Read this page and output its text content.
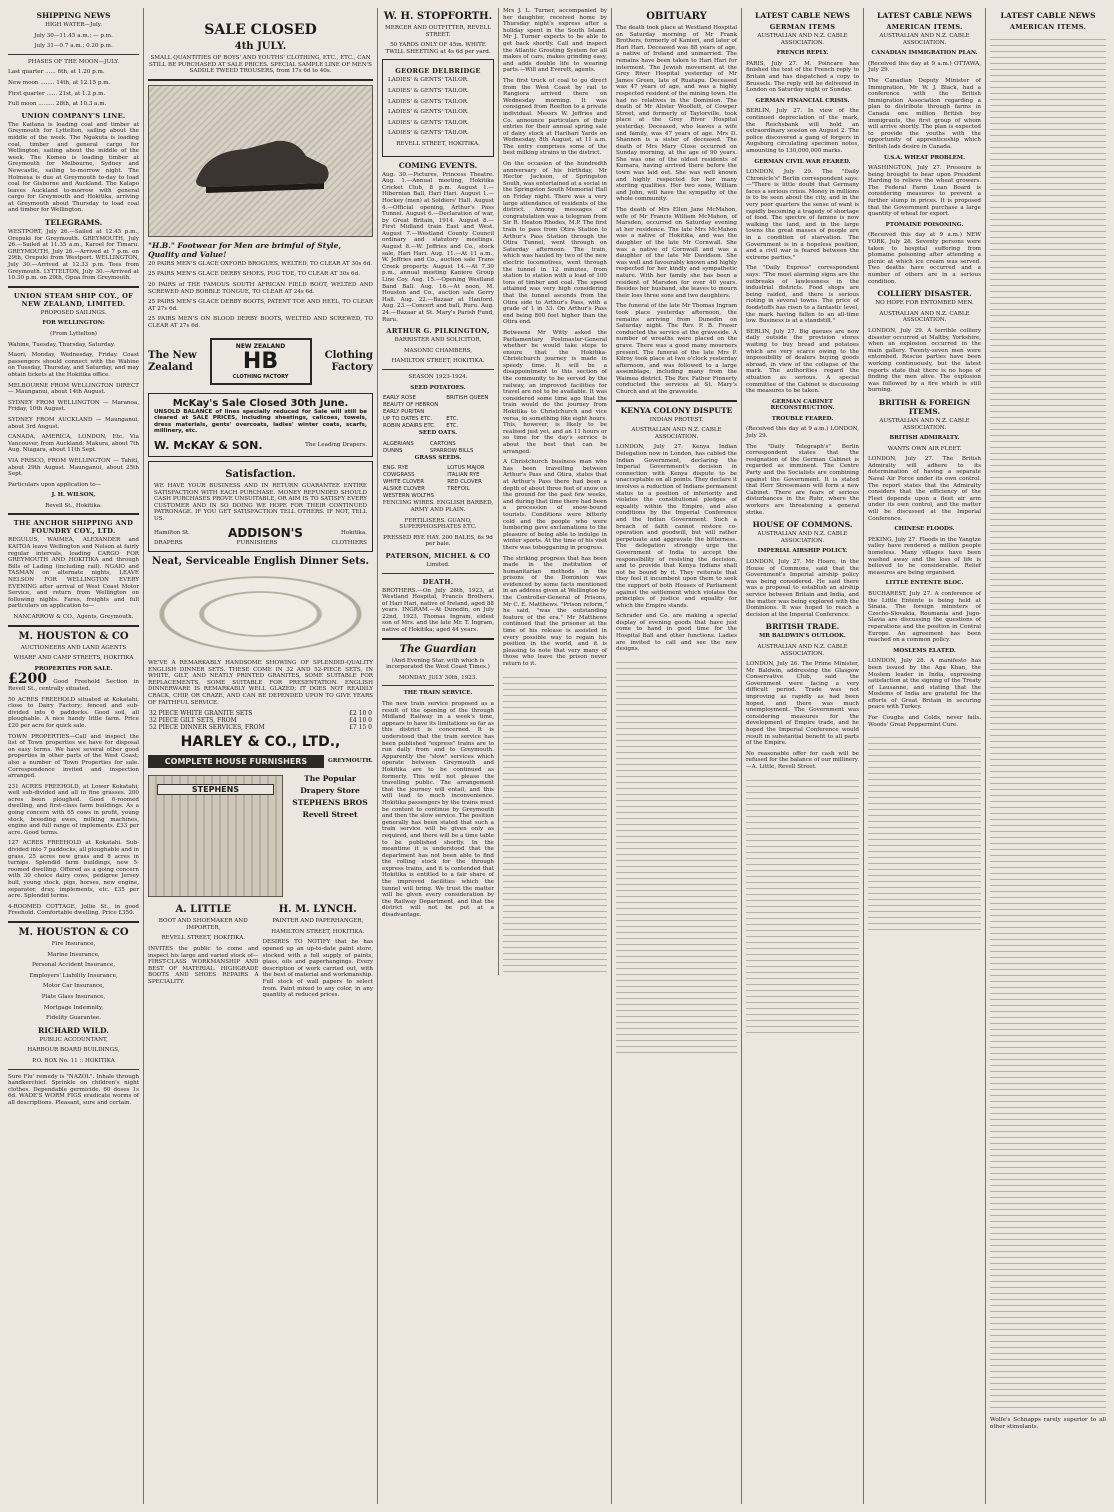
SHIPPING NEWS

HIGH WATER—July.

July 30—11.45 a.m.; — p.m.

July 31—0.7 a.m.; 0.20 p.m.

PHASES OF THE MOON—JULY.

Last quarter ...... 6th, at 1.20 p.m.

New moon ........ 14th, at 12.15 p.m.

First quarter ...... 21st, at 1.2 p.m.

Full moon ......... 28th, at 10.3 a.m.

UNION COMPANY'S LINE.

The Kaitana is loading coal and timber at Greymouth for Lyttelton, sailing about the middle of the week. The Ngakuta is loading coal, timber and general cargo for Wellington, sailing about the middle of the week. The Komeo is loading timber at Greymouth for Melbourne, Sydney and Newcastle, sailing to-morrow night. The Holmesa is due at Greymouth to-day to load coal for Gisborne and Auckland. The Kalapo leaves Auckland to-morrow with general cargo for Greymouth and Hokitika, arriving at Greymouth about Thursday to load coal and timber for Wellington.

TELEGRAMS.

WESTPORT, July 26.—Sailed at 12.45 p.m., Orepuki for Greymouth. GREYMOUTH, July 26.—Sailed at 11.35 a.m., Karoel for Timaru. GREYMOUTH, July 26.—Arrived at 7 p.m. on 29th, Orepuki from Westport. WELLINGTON, July 30.—Arrived at 12.33 p.m. Tees from Greymouth. LYTTELTON, July 30.—Arrived at 10.30 p.m. on 29th, Opua from Greymouth.

UNION STEAM SHIP COY., OF NEW ZEALAND, LIMITED.

PROPOSED SAILINGS.

FOR WELLINGTON:

(From Lyttelton)

Wahine, Tuesday, Thursday, Saturday.

Maori, Monday, Wednesday, Friday. Coast passengers should connect with the Wahine on Tuesday, Thursday, and Saturday, and may obtain tickets at the Hokitika office.

MELBOURNE FROM WELLINGTON DIRECT — Maunganui, about 14th August.

SYDNEY FROM WELLINGTON — Maranoa, Friday, 10th August.

SYDNEY FROM AUCKLAND — Maunganui, about 3rd August.

CANADA, AMERICA, LONDON, Etc. Via Vancouver, from Auckland: Makura, about 7th Aug. Niagara, about 11th Sept.

VIA FRISCO, FROM WELLINGTON — Tahiti, about 29th August. Maunganui, about 25th Sept.

Particulars upon application to—

J. H. WILSON,

Revell St., Hokitika.

THE ANCHOR SHIPPING AND FOUNDRY COY., LTD.

REGULUS, WAIMEA, ALEXANDER and KAITOA leave Wellington and Nelson at fairly regular intervals, loading CARGO FOR GREYMOUTH AND HOKITIKA and through Bills of Lading (including rail). NGAIO and TASMAN on alternate nights, LEAVE NELSON FOR WELLINGTON EVERY EVENING after arrival of West Coast Motor Service, and return from Wellington on following nights. Fares, freights and full particulars on application to—

NANCARROW & CO., Agents, Greymouth.

M. HOUSTON & CO

AUCTIONEERS AND LAND AGENTS

WHARF AND CAMP STREETS, HOKITIKA

PROPERTIES FOR SALE.

£200 Good Freehold Section in Revell St., centrally situated.

50 ACRES FREEHOLD situated at Kokatahi, close to Dairy Factory; fenced and sub-divided into 6 paddocks. Good soil, all ploughable. A nice handy little farm. Price £20 per acre for quick sale.

TOWN PROPERTIES—Call and inspect the list of Town properties we have for disposal on easy terms. We have several other good properties in other parts of the West Coast; also a number of Town Properties for sale. Correspondence invited and inspection arranged.

231 ACRES FREEHOLD, at Lower Kokatahi; well sub-divided and all in fine grasses. 200 acres been ploughed. Good 6-roomed dwelling, and first-class farm buildings. As a going concern with 65 cows in profit, young stock, breeding ewes, milking machines, engine and full range of implements. £33 per acre. Good terms.

127 ACRES FREEHOLD at Kokatahi. Sub-divided into 7 paddocks, all ploughable and in grass. 25 acres new grass and 8 acres in turnips. Splendid farm buildings, new 5-roomed dwelling. Offered as a going concern with 30 choice dairy cows, pedigree Jersey bull, young stock, pigs, horses, new engine, separator, dray, implements, etc. £35 per acre. Splendid terms.

4-ROOMED COTTAGE, Jollie St., in good Freehold. Comfortable dwelling. Price £350.

M. HOUSTON & CO

Fire Insurance,

Marine Insurance,

Personal Accident Insurance,

Employers' Liability Insurance,

Motor Car Insurance,

Plate Glass Insurance,

Mortgage Indemnity,

Fidelity Guarantee.

RICHARD WILD.

PUBLIC ACCOUNTANT,

HARBOUR BOARD BUILDINGS,

P.O. BOX No. 11 :: HOKITIKA

Sure Flu' remedy is "NAZOL". Inhale through handkerchief. Sprinkle on children's night clothes. Dependable germicide. 60 doses 1s 6d. WADE'S WORM FIGS eradicate worms of all descriptions. Pleasant, sure and certain.

SALE CLOSED
4th JULY.

SMALL QUANTITIES OF BOYS' AND YOUTHS' CLOTHING, ETC., ETC., CAN STILL BE PURCHASED AT SALE PRICES. SPECIAL SAMPLE LINE OF MEN'S SADDLE TWEED TROUSERS, from 17s 6d to 40s.

"H.B." Footwear for Men are brimful of Style, Quality and Value!

20 PAIRS MEN'S GLACE OXFORD BROGUES, WELTED, TO CLEAR AT 30s 6d.

25 PAIRS MEN'S GLACE DERBY SHOES, PUG TOE, TO CLEAR AT 30s 6d.

20 PAIRS of THE FAMOUS SOUTH AFRICAN FIELD BOOT, WELTED AND SCREWED AND BOBBLE TONGUE, TO CLEAR AT 24s 6d.

25 PAIRS MEN'S GLACE DERBY BOOTS, PATENT TOE AND HEEL, TO CLEAR AT 27s 6d.

25 PAIRS MEN'S ON BLOOD DERBY BOOTS, WELTED AND SCREWED, TO CLEAR AT 27s 6d.

The New Zealand
NEW ZEALAND
HB
CLOTHING FACTORY
Clothing Factory
McKay's Sale Closed 30th June.

UNSOLD BALANCE of lines specially reduced for Sale will still be cleared at SALE PRICES, including sheetings, calicoes, towels, dress materials, gents' overcoats, ladies' winter coats, scarfs, millinery, etc.

W. McKAY & SON.	The Leading Drapers.
Satisfaction.

WE HAVE YOUR BUSINESS AND IN RETURN GUARANTEE ENTIRE SATISFACTION WITH EACH PURCHASE. MONEY REFUNDED SHOULD CASH PURCHASES PROVE UNSUITABLE, OR AIM IS TO SATISFY EVERY CUSTOMER AND IN SO DOING WE HOPE FOR THEIR CONTINUED PATRONAGE. IF YOU GET SATISFACTION TELL OTHERS. IF NOT, TELL US.

Hamilton St.	ADDISON'S	Hokitika.
DRAPERS	FURNISHERS	CLOTHIERS
Neat, Serviceable English Dinner Sets.

WE'VE A REMARKABLY HANDSOME SHOWING OF SPLENDID-QUALITY ENGLISH DINNER SETS. THESE COME IN 32 AND 52-PIECE SETS, IN WHITE, GILT, AND NEATLY PRINTED GRANITES, SOME SUITABLE FOR REPLACEMENTS, SOME SUITABLE FOR PRESENTATION. ENGLISH DINNERWARE IS REMARKABLY WELL GLAZED; IT DOES NOT READILY CRACK, CHIP, OR CRAZE, AND CAN BE DEPENDED UPON TO GIVE YEARS OF FAITHFUL SERVICE.

32 PIECE WHITE GRANITE SETS	£2 10 0
32 PIECE GILT SETS, FROM	£4 10 0
52 PIECE DINNER SERVICES, FROM	£7 15 0
HARLEY & CO., LTD.,
COMPLETE HOUSE FURNISHERS	GREYMOUTH.
STEPHENS
The Popular
Drapery Store
STEPHENS BROS
Revell Street
A. LITTLE

BOOT AND SHOEMAKER AND IMPORTER,

REVELL STREET, HOKITIKA.

INVITES the public to come and inspect his large and varied stock of— FIRST-CLASS WORKMANSHIP AND BEST OF MATERIAL. HIGHGRADE BOOTS AND SHOES REPAIRS A SPECIALITY.

H. M. LYNCH.

PAINTER AND PAPERHANGER,

HAMILTON STREET, HOKITIKA.

DESIRES TO NOTIFY that he has opened up an up-to-date paint store, stocked with a full supply of paints, glass, oils and paperhangings. Every description of work carried out, with the best of material and workmanship. Full stock of wall papers to select from. Paint mixed to any color, in any quantity at reduced prices.

W. H. STOPFORTH.

MERCER AND OUTFITTER, REVELL STREET.

50 YARDS ONLY OF 45in. WHITE TWILL SHEETING at 4s 6d per yard.

GEORGE DELBRIDGE

LADIES' & GENTS' TAILOR.

LADIES' & GENTS' TAILOR.

LADIES' & GENTS' TAILOR.

LADIES' & GENTS' TAILOR.

LADIES' & GENTS' TAILOR.

LADIES' & GENTS' TAILOR.

REVELL STREET, HOKITIKA.

COMING EVENTS.

Aug. 30.—Pictures, Princess Theatre. Aug. 1.—Annual meeting, Hokitika Cricket Club, 8 p.m. August 1.—Hibernian Ball, Hari Hari. August 1.—Hockey (men) at Soldiers' Hall. August 4.—Official opening, Arthur's Pass Tunnel. August 6.—Declaration of war, by Great Britain, 1914. August 8.—First Midland train East and West. August 7.—Westland County Council ordinary and statutory meetings. August 8.—W. Jeffries and Co., stock sale, Hari Hari. Aug. 11.—At 11 a.m., W. Jeffries and Co., auction sale Trans Creek property. August 14.—At 7.30 p.m., annual meeting Kaniere Group Line Coy. Aug. 15.—Opening Westland Band Ball. Aug. 16.—At noon, M. Houston and Co., auction sale Gerry Hall. Aug. 22.—Bazaar at Hanford. Aug. 23.—Concert and ball, Ruru. Aug. 24.—Bazaar at St. Mary's Parish Fund, Ruru.

ARTHUR G. PILKINGTON,

BARRISTER AND SOLICITOR,

MASONIC CHAMBERS,

HAMILTON STREET, HOKITIKA.

SEASON 1923-1924.

SEED POTATOES.

EARLY ROSE	BRITISH QUEEN
BEAUTY OF HEBRON	
EARLY PURITAN	
UP TO DATES ETC.	ETC.
ROBIN ADAIRS ETC.	ETC.

SEED OATS.

ALGERIANS	CARTONS
DUNNS	SPARROW BILLS

GRASS SEEDS.

ENG. RYE	LOTUS MAJOR
COWGRASS	ITALIAN RYE
WHITE CLOVER	RED CLOVER
ALSIKE CLOVER	TREFOIL
WESTERN WOLTHS	

FENCING WIRES. ENGLISH BARBED, ARMY AND PLAIN.

FERTILISERS. GUANO, SUPERPHOSPHATES ETC.

PRESSED RYE HAY. 200 BALES, 6s 9d per bale.

PATERSON, MICHEL & CO

Limited.

DEATH.

BROTHERS.—On July 26th, 1923, at Westland Hospital, Francis Brothers, of Hari Hari, native of Ireland, aged 88 years. INGRAM.—At Dunedin, on July 22nd, 1923, Thomas Ingram, eldest son of Mrs. and the late Mr. T. Ingram, native of Hokitika; aged 44 years.

The Guardian

(And Evening Star, with which is incorporated the West Coast Times.)

MONDAY, JULY 30th, 1923.

THE TRAIN SERVICE.

The new train service proposed as a result of the opening of the through Midland Railway in a week's time, appears to have its limitations so far as this district is concerned. It is understood that the train service has been published "express" trains are to run daily from and to Greymouth. Apparently the "slow" services which operate between Greymouth and Hokitika are to be continued as formerly. This will not please the travelling public. The arrangement that the journey will entail, and this will lead to much inconvenience. Hokitika passengers by the trains must be content to continue by Greymouth and then the slow service. The position generally has been stated that such a train service will be given only as required, and there will be a time table to be published shortly. In the meantime it is understood that the department has not been able to find the rolling stock for the through express trains, and it is contended that Hokitika is entitled to a fair share of the improved facilities which the tunnel will bring. We trust the matter will be given every consideration by the Railway Department, and that the district will not be put at a disadvantage.

Mrs J. L. Turner, accompanied by her daughter, received home by Thursday night's express after a holiday spent in the South Island. Mr J. Turner expects to be able to get back shortly. Call and inspect the Atlantic Grouting System for all makes of cars, makes grinding easy, and adds double life to wearing parts.—Will and Everett, agents.

The first truck of coal to go direct from the West Coast by rail to Rangiora arrived there on Wednesday morning. It was consigned from Reefton to a private individual. Messrs W. Jeffries and Co. announce particulars of their entries for their annual spring sale of dairy stock at Harihari Yards on Wednesday, 8th August, at 11 a.m. The entry comprises some of the best milking strains in the district.

On the occasion of the hundredth anniversary of his birthday, Mr Hector Jackson, of Springston South, was entertained at a social in the Springston South Memorial Hall on Friday night. There was a very large attendance of residents of the district. Among messages of congratulation was a telegram from Sir R. Heaton Rhodes, M.P. The first train to pass from Otira Station to Arthur's Pass Station through the Otira Tunnel, went through on Saturday afternoon. The train, which was hauled by two of the new electric locomotives, went through the tunnel in 12 minutes, from station to station with a load of 100 tons of timber and coal. The speed attained was very high considering that the tunnel ascends from the Otira side to Arthur's Pass, with a grade of 1 in 33. On Arthur's Pass end being 800 feet higher than the Otira end.

Betweens Mr Witty asked the Parliamentary Postmaster-General whether he would take steps to ensure that the Hokitika-Christchurch journey is made in speedy time. It will be a disappointment to this section of the community to be served by the railway, an improved facilities for travel are not to be available. It was considered some time ago that the train would do the journey from Hokitika to Christchurch and vice versa, in something like eight hours. This, however, is likely to be realised just yet, and an 11 hours or so time for the day's service is about the best that can be arranged.

A Christchurch business man who has been travelling between Arthur's Pass and Otira, states that at Arthur's Pass there had been a depth of about three feet of snow on the ground for the past few weeks, and during that time there had been a procession of snow-bound tourists. Conditions were bitterly cold and the people who were lumbering gave exclamations to the pleasure of being able to indulge in winter sports. At the time of his visit there was tobogganing in progress.

The striking progress that has been made in the institution of humanitarian methods in the prisons of the Dominion was evidenced by some facts mentioned in an address given at Wellington by the Controller-General of Prisons, Mr C. E. Matthews. "Prison reform," he said, "was the outstanding feature of the era." Mr Matthews continued that the prisoner at the time of his release is assisted in every possible way to regain his position in the world, and it is pleasing to note that very many of those who leave the prison never return to it.

OBITUARY

The death took place at Westland Hospital on Saturday morning of Mr Frank Brothers, formerly of Kanieri, and later of Hari Hari. Deceased was 88 years of age, a native of Ireland and unmarried. The remains have been taken to Hari Hari for interment. The Jewish movement at the Grey River Hospital yesterday of Mr James Green, late of Ruatapu. Deceased was 47 years of age, and was a highly respected resident of the mining town. He had no relatives in the Dominion. The death of Mr Alister Woollett, of Cowper Street, and formerly of Taylorville, took place at the Grey River Hospital yesterday. Deceased, who leaves a wife and family, was 47 years of age. Mrs D. Shannon is a sister of deceased. The death of Mrs Mary Close occurred on Sunday morning, at the age of 90 years. She was one of the oldest residents of Kumara, having arrived there before the town was laid out. She was well known and highly respected for her many sterling qualities. Her two sons, William and John, will have the sympathy of the whole community.

The death of Mrs Ellen Jane McMahon, wife of Mr Francis William McMahon, of Marsden, occurred on Saturday evening at her residence. The late Mrs McMahon was a native of Hokitika, and was the daughter of the late Mr Cornwall. She was a native of Cornwall and was a daughter of the late Mr Davidson. She was well and favourably known and highly respected for her kindly and sympathetic nature. With her family she has been a resident of Marsden for over 40 years. Besides her husband, she leaves to mourn their loss three sons and two daughters.

The funeral of the late Mr Thomas Ingram took place yesterday afternoon, the remains arriving from Dunedin on Saturday night. The Rev. P. B. Fraser conducted the service at the graveside. A number of wreaths were placed on the grave. There was a good many mourners present. The funeral of the late Mrs P. Kilroy took place at two o'clock yesterday afternoon, and was followed to a large assemblage, including many from the Waimea district. The Rev. Father Finnerty conducted the services at St. Mary's Church and at the graveside.

KENYA COLONY DISPUTE

INDIAN PROTEST.

AUSTRALIAN AND N.Z. CABLE ASSOCIATION.

LONDON, July 27. Kenya Indian Delegation now in London, has cabled the Indian Government, declaring the Imperial Government's decision in connection with Kenya dispute to be unacceptable on all points. They declare it involves a reduction of Indians permanent status to a position of inferiority and violates the constitutional pledges of equality within the Empire, and also conditions by the Imperial Conference and the Indian Government. Such a breach of faith cannot restore co-operation and goodwill, but will rather perpetuate and aggravate the bitterness. The delegation strongly urge the Government of India to accept the responsibility of resisting the decision, and to provide that Kenya Indians shall not be bound by it. They reiterate that they feel it incumbent upon them to seek the support of both Houses of Parliament against the settlement which violates the principles of justice and equality for which the Empire stands.

Schrader and Co. are making a special display of evening goods that have just come to hand in good time for the Hospital Ball and other functions. Ladies are invited to call and see the new designs.

LATEST CABLE NEWS
GERMAN ITEMS

AUSTRALIAN AND N.Z. CABLE ASSOCIATION.

FRENCH REPLY.

PARIS, July 27. M. Poincare has finished the text of the French reply to Britain and has dispatched a copy to Brussels. The reply will be delivered in London on Saturday night or Sunday.

GERMAN FINANCIAL CRISIS.

BERLIN, July 27. In view of the continued depreciation of the mark, the Reichsbank will hold an extraordinary session on August 2. The police discovered a gang of forgers in Augsburg circulating specimen notes, amounting to 130,000,000 marks.

GERMAN CIVIL WAR FEARED.

LONDON, July 29. The "Daily Chronicle's" Berlin correspondent says:—"There is little doubt that Germany faces a serious crisis. Money in millions is to be seen about the city, and in the very poor quarters the sense of want is rapidly becoming a tragedy of shortage of food. The spectre of famine is now walking the land, and in the large towns the great masses of people are in a condition of starvation. The Government is in a hopeless position, and a civil war is feared between the extreme parties."

The "Daily Express" correspondent says: "The most alarming signs are the outbreaks of lawlessness in the industrial districts. Food shops are being raided, and there is serious rioting in several towns. The price of foodstuffs has risen to a fantastic level, the mark having fallen to an all-time low. Business is at a standstill."

BERLIN, July 27. Big queues are now daily outside the provision stores waiting to buy bread and potatoes which are very scarce owing to the impossibility of dealers buying goods abroad, in view of the collapse of the mark. The authorities regard the situation as serious. A special committee of the Cabinet is discussing the measures to be taken.

GERMAN CABINET RECONSTRUCTION.

TROUBLE FEARED.

(Received this day at 9 a.m.) LONDON, July 29.

The "Daily Telegraph's" Berlin correspondent states that the resignation of the German Cabinet is regarded as imminent. The Centre Party and the Socialists are combining against the Government. It is stated that Herr Stresemann will form a new Cabinet. There are fears of serious disturbances in the Ruhr, where the workers are threatening a general strike.

HOUSE OF COMMONS.

AUSTRALIAN AND N.Z. CABLE ASSOCIATION.

IMPERIAL AIRSHIP POLICY.

LONDON, July 27. Mr Hoare, in the House of Commons, said that the Government's Imperial airship policy was being considered. He said there was a proposal to establish an airship service between Britain and India, and the matter was being explored with the Dominions. It was hoped to reach a decision at the Imperial Conference.

BRITISH TRADE.

MR BALDWIN'S OUTLOOK.

AUSTRALIAN AND N.Z. CABLE ASSOCIATION.

LONDON, July 26. The Prime Minister, Mr Baldwin, addressing the Glasgow Conservative Club, said the Government were facing a very difficult period. Trade was not improving as rapidly as had been hoped, and there was much unemployment. The Government was considering measures for the development of Empire trade, and he hoped the Imperial Conference would result in substantial benefit to all parts of the Empire.

No reasonable offer for cash will be refused for the balance of our millinery.—A. Little, Revell Street.

LATEST CABLE NEWS
AMERICAN ITEMS.

AUSTRALIAN AND N.Z. CABLE ASSOCIATION.

CANADIAN IMMIGRATION PLAN.

(Received this day at 9 a.m.) OTTAWA, July 29.

The Canadian Deputy Minister of Immigration, Mr W. J. Black, had a conference with the British Immigration Association regarding a plan to distribute through farms in Canada one million British boy immigrants, the first group of whom will arrive shortly. The plan is expected to provide the youths with the opportunity of apprenticeship which British lads desire in Canada.

U.S.A. WHEAT PROBLEM.

WASHINGTON, July 27. Pressure is being brought to bear upon President Harding to relieve the wheat growers. The Federal Farm Loan Board is considering measures to prevent a further slump in prices. It is proposed that the Government purchase a large quantity of wheat for export.

PTOMAINE POISONING.

(Received this day at 9 a.m.) NEW YORK, July 28. Seventy persons were taken to hospital suffering from ptomaine poisoning after attending a picnic at which ice cream was served. Two deaths have occurred and a number of others are in a serious condition.

COLLIERY DISASTER.

NO HOPE FOR ENTOMBED MEN.

AUSTRALIAN AND N.Z. CABLE ASSOCIATION.

LONDON, July 29. A terrible colliery disaster occurred at Maltby, Yorkshire, when an explosion occurred in the main gallery. Twenty-seven men were entombed. Rescue parties have been working continuously, but the latest reports state that there is no hope of finding the men alive. The explosion was followed by a fire which is still burning.

BRITISH & FOREIGN ITEMS.

AUSTRALIAN AND N.Z. CABLE ASSOCIATION.

BRITISH ADMIRALTY.

WANTS OWN AIR FLEET.

LONDON, July 27. The British Admiralty will adhere to its determination of having a separate Naval Air Force under its own control. The report states that the Admiralty considers that the efficiency of the Fleet depends upon a fleet air arm under its own control, and the matter will be discussed at the Imperial Conference.

CHINESE FLOODS.

PEKING, July 27. Floods in the Yangtze valley have rendered a million people homeless. Many villages have been washed away and the loss of life is believed to be considerable. Relief measures are being organised.

LITTLE ENTENTE BLOC.

BUCHAREST, July 27. A conference of the Little Entente is being held at Sinaia. The foreign ministers of Czecho-Slovakia, Roumania and Jugo-Slavia are discussing the questions of reparations and the position in Central Europe. An agreement has been reached on a common policy.

MOSLEMS ELATED.

LONDON, July 28. A manifesto has been issued by the Aga Khan, the Moslem leader in India, expressing satisfaction at the signing of the Treaty of Lausanne, and stating that the Moslems of India are grateful for the efforts of Great Britain in securing peace with Turkey.

For Coughs and Colds, never fails. Woods' Great Peppermint Cure.

LATEST CABLE NEWS
AMERICAN ITEMS.

Wolfe's Schnapps rarely superior to all other stimulants.
